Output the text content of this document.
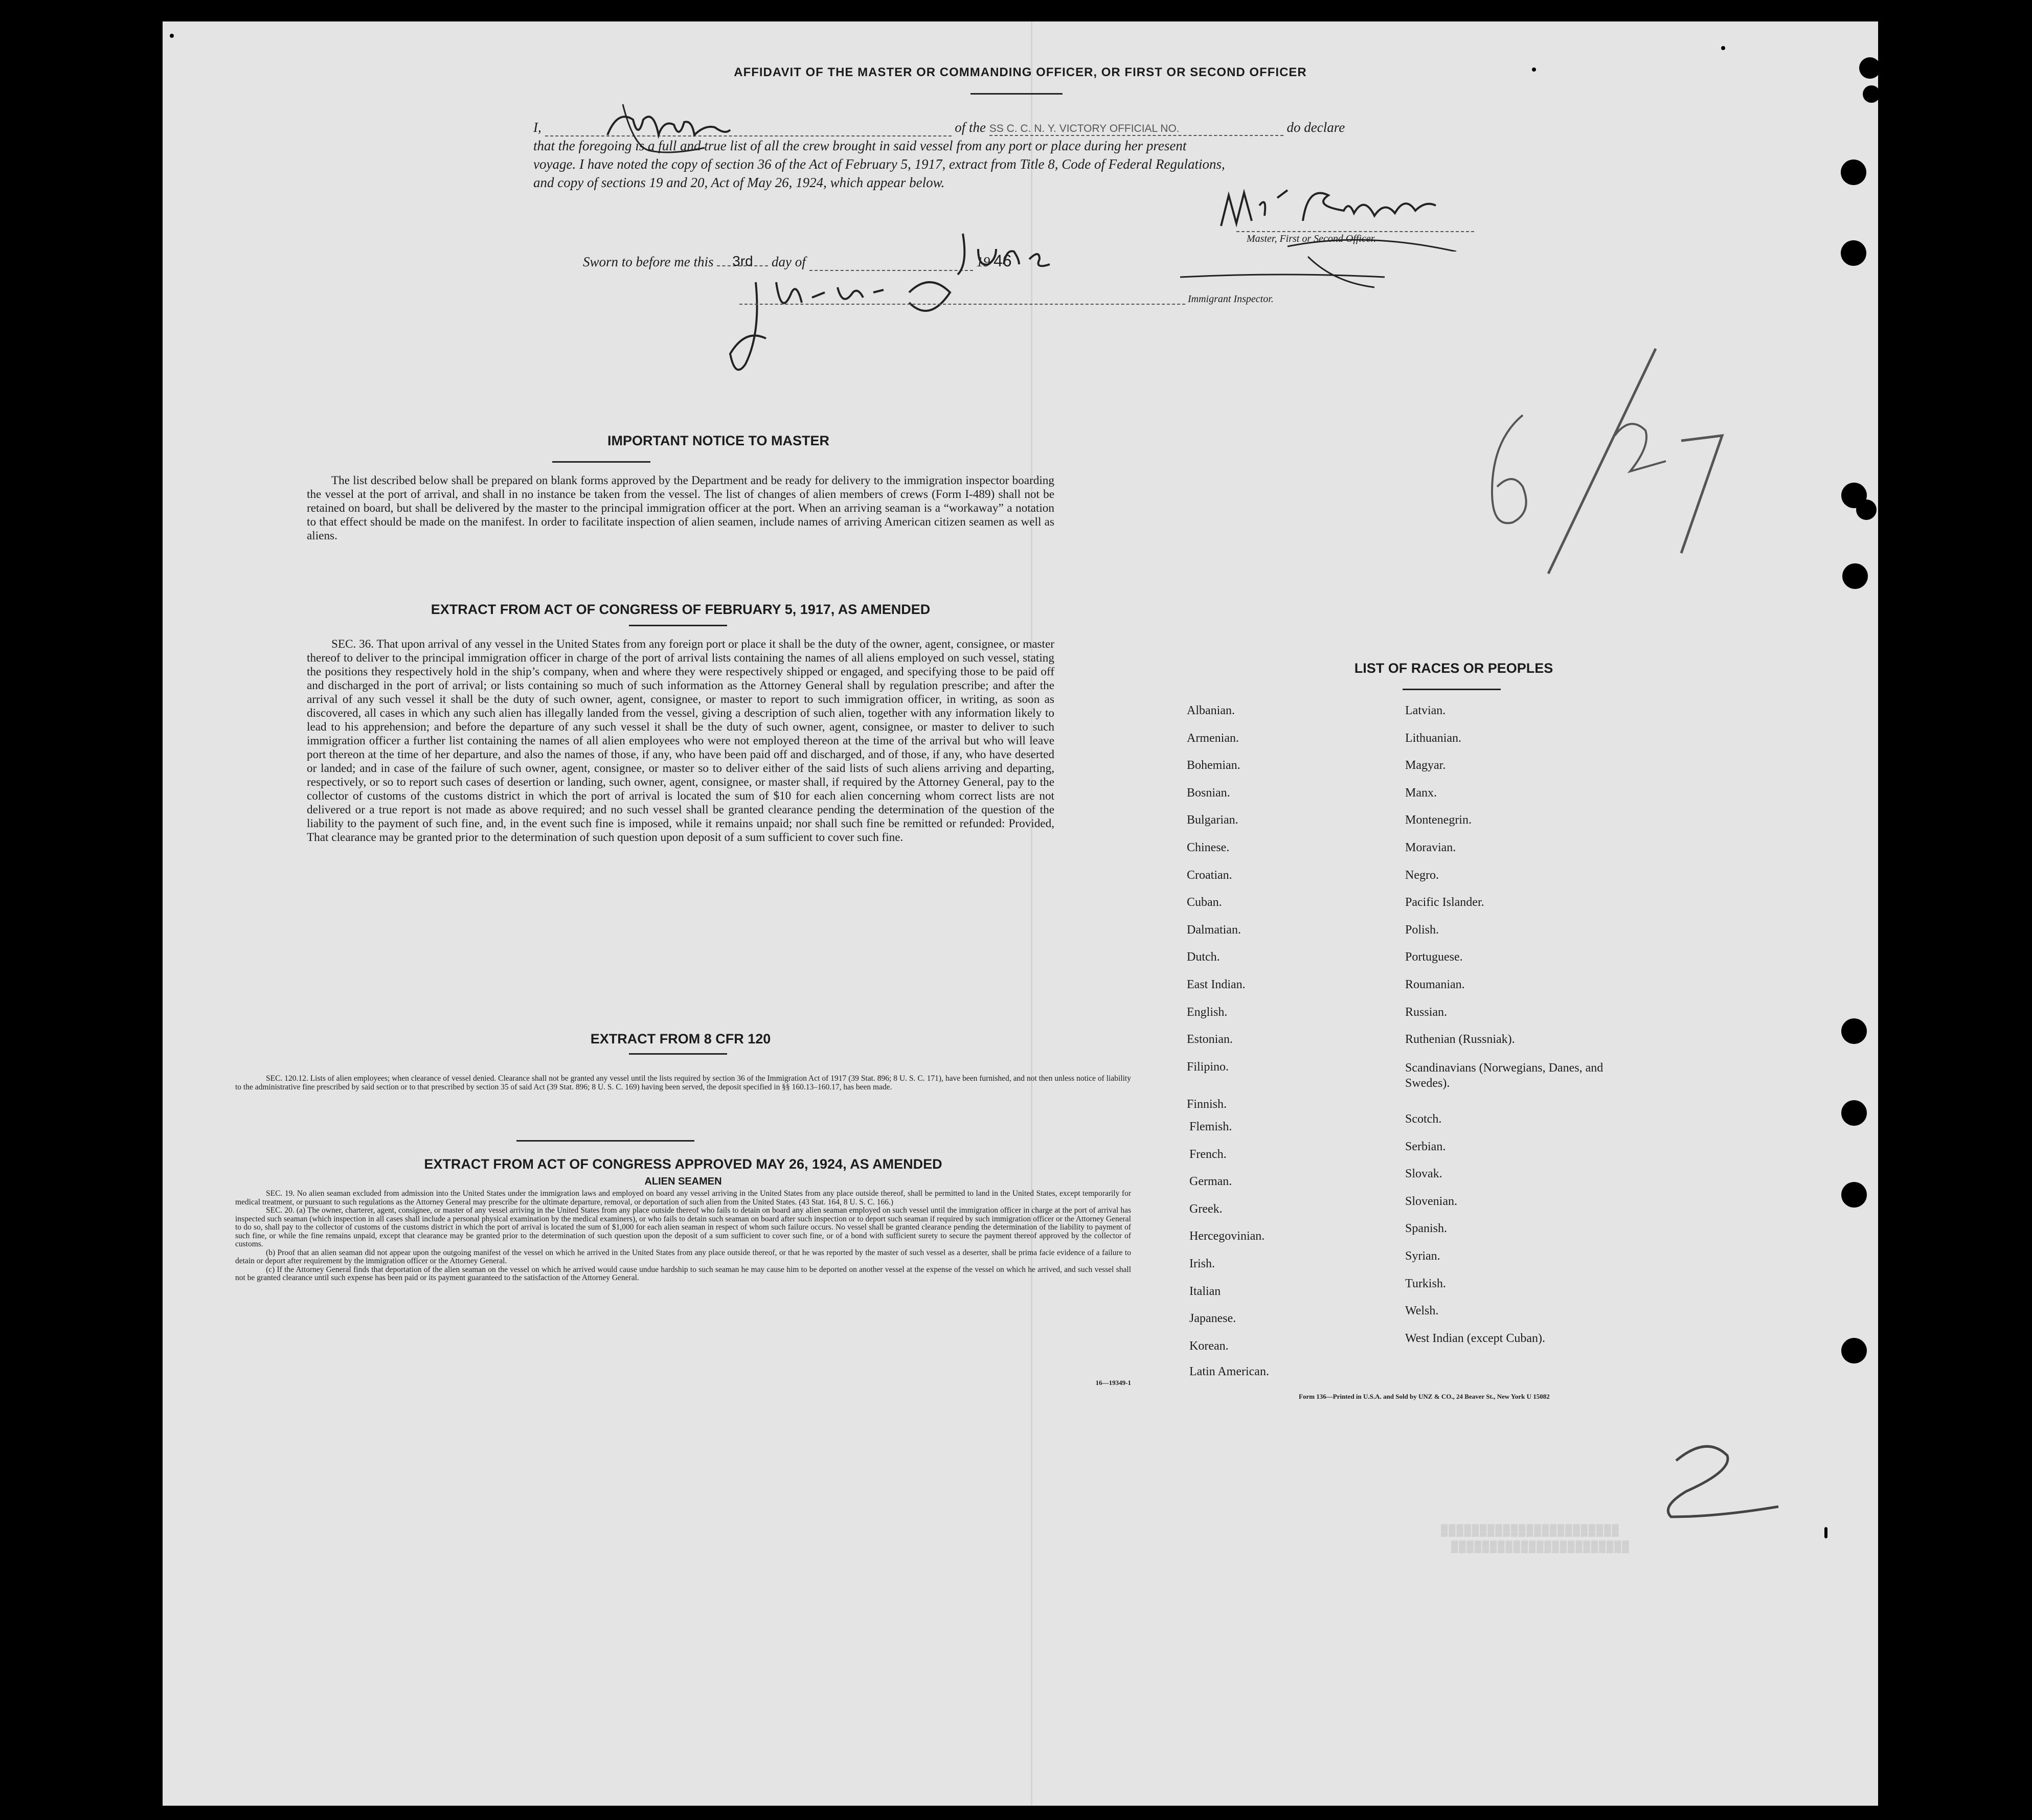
AFFIDAVIT OF THE MASTER OR COMMANDING OFFICER, OR FIRST OR SECOND OFFICER
I,	of the SS C. C. N. Y. VICTORY OFFICIAL NO.	do declare
that the foregoing is a full and true list of all the crew brought in said vessel from any port or place during her present
voyage. I have noted the copy of section 36 of the Act of February 5, 1917, extract from Title 8, Code of Federal Regulations,
and copy of sections 19 and 20, Act of May 26, 1924, which appear below.
Master, First or Second Officer.
Sworn to before me this 3rd day of	19 46
Immigrant Inspector.
IMPORTANT NOTICE TO MASTER

The list described below shall be prepared on blank forms approved by the Department and be ready for delivery to the immigration inspector boarding the vessel at the port of arrival, and shall in no instance be taken from the vessel. The list of changes of alien members of crews (Form I-489) shall not be retained on board, but shall be delivered by the master to the principal immigration officer at the port. When an arriving seaman is a “workaway” a notation to that effect should be made on the manifest. In order to facilitate inspection of alien seamen, include names of arriving American citizen seamen as well as aliens.

EXTRACT FROM ACT OF CONGRESS OF FEBRUARY 5, 1917, AS AMENDED

SEC. 36. That upon arrival of any vessel in the United States from any foreign port or place it shall be the duty of the owner, agent, consignee, or master thereof to deliver to the principal immigration officer in charge of the port of arrival lists containing the names of all aliens employed on such vessel, stating the positions they respectively hold in the ship’s company, when and where they were respectively shipped or engaged, and specifying those to be paid off and discharged in the port of arrival; or lists containing so much of such information as the Attorney General shall by regulation prescribe; and after the arrival of any such vessel it shall be the duty of such owner, agent, consignee, or master to report to such immigration officer, in writing, as soon as discovered, all cases in which any such alien has illegally landed from the vessel, giving a description of such alien, together with any information likely to lead to his apprehension; and before the departure of any such vessel it shall be the duty of such owner, agent, consignee, or master to deliver to such immigration officer a further list containing the names of all alien employees who were not employed thereon at the time of the arrival but who will leave port thereon at the time of her departure, and also the names of those, if any, who have been paid off and discharged, and of those, if any, who have deserted or landed; and in case of the failure of such owner, agent, consignee, or master so to deliver either of the said lists of such aliens arriving and departing, respectively, or so to report such cases of desertion or landing, such owner, agent, consignee, or master shall, if required by the Attorney General, pay to the collector of customs of the customs district in which the port of arrival is located the sum of $10 for each alien concerning whom correct lists are not delivered or a true report is not made as above required; and no such vessel shall be granted clearance pending the determination of the question of the liability to the payment of such fine, and, in the event such fine is imposed, while it remains unpaid; nor shall such fine be remitted or refunded: Provided, That clearance may be granted prior to the determination of such question upon deposit of a sum sufficient to cover such fine.

EXTRACT FROM 8 CFR 120

SEC. 120.12. Lists of alien employees; when clearance of vessel denied. Clearance shall not be granted any vessel until the lists required by section 36 of the Immigration Act of 1917 (39 Stat. 896; 8 U. S. C. 171), have been furnished, and not then unless notice of liability to the administrative fine prescribed by said section or to that prescribed by section 35 of said Act (39 Stat. 896; 8 U. S. C. 169) having been served, the deposit specified in §§ 160.13–160.17, has been made.

EXTRACT FROM ACT OF CONGRESS APPROVED MAY 26, 1924, AS AMENDED
ALIEN SEAMEN

SEC. 19. No alien seaman excluded from admission into the United States under the immigration laws and employed on board any vessel arriving in the United States from any place outside thereof, shall be permitted to land in the United States, except temporarily for medical treatment, or pursuant to such regulations as the Attorney General may prescribe for the ultimate departure, removal, or deportation of such alien from the United States. (43 Stat. 164, 8 U. S. C. 166.)

SEC. 20. (a) The owner, charterer, agent, consignee, or master of any vessel arriving in the United States from any place outside thereof who fails to detain on board any alien seaman employed on such vessel until the immigration officer in charge at the port of arrival has inspected such seaman (which inspection in all cases shall include a personal physical examination by the medical examiners), or who fails to detain such seaman on board after such inspection or to deport such seaman if required by such immigration officer or the Attorney General to do so, shall pay to the collector of customs of the customs district in which the port of arrival is located the sum of $1,000 for each alien seaman in respect of whom such failure occurs. No vessel shall be granted clearance pending the determination of the liability to payment of such fine, or while the fine remains unpaid, except that clearance may be granted prior to the determination of such question upon the deposit of a sum sufficient to cover such fine, or of a bond with sufficient surety to secure the payment thereof approved by the collector of customs.

(b) Proof that an alien seaman did not appear upon the outgoing manifest of the vessel on which he arrived in the United States from any place outside thereof, or that he was reported by the master of such vessel as a deserter, shall be prima facie evidence of a failure to detain or deport after requirement by the immigration officer or the Attorney General.

(c) If the Attorney General finds that deportation of the alien seaman on the vessel on which he arrived would cause undue hardship to such seaman he may cause him to be deported on another vessel at the expense of the vessel on which he arrived, and such vessel shall not be granted clearance until such expense has been paid or its payment guaranteed to the satisfaction of the Attorney General.

16—19349-1
LIST OF RACES OR PEOPLES
Form 136—Printed in U.S.A. and Sold by UNZ & CO., 24 Beaver St., New York U 15082
▒▒▒▒▒▒▒▒▒▒▒▒▒▒▒▒▒▒▒▒▒▒▒
▒▒▒▒▒▒▒▒▒▒▒▒▒▒▒▒▒▒▒▒▒▒▒
Albanian.
Armenian.
Bohemian.
Bosnian.
Bulgarian.
Chinese.
Croatian.
Cuban.
Dalmatian.
Dutch.
East Indian.
English.
Estonian.
Filipino.
Finnish.
Flemish.
French.
German.
Greek.
Hercegovinian.
Irish.
Italian
Japanese.
Korean.
Latin American.
Latvian.
Lithuanian.
Magyar.
Manx.
Montenegrin.
Moravian.
Negro.
Pacific Islander.
Polish.
Portuguese.
Roumanian.
Russian.
Ruthenian (Russniak).
Scandinavians (Norwegians, Danes, and Swedes).
Scotch.
Serbian.
Slovak.
Slovenian.
Spanish.
Syrian.
Turkish.
Welsh.
West Indian (except Cuban).
